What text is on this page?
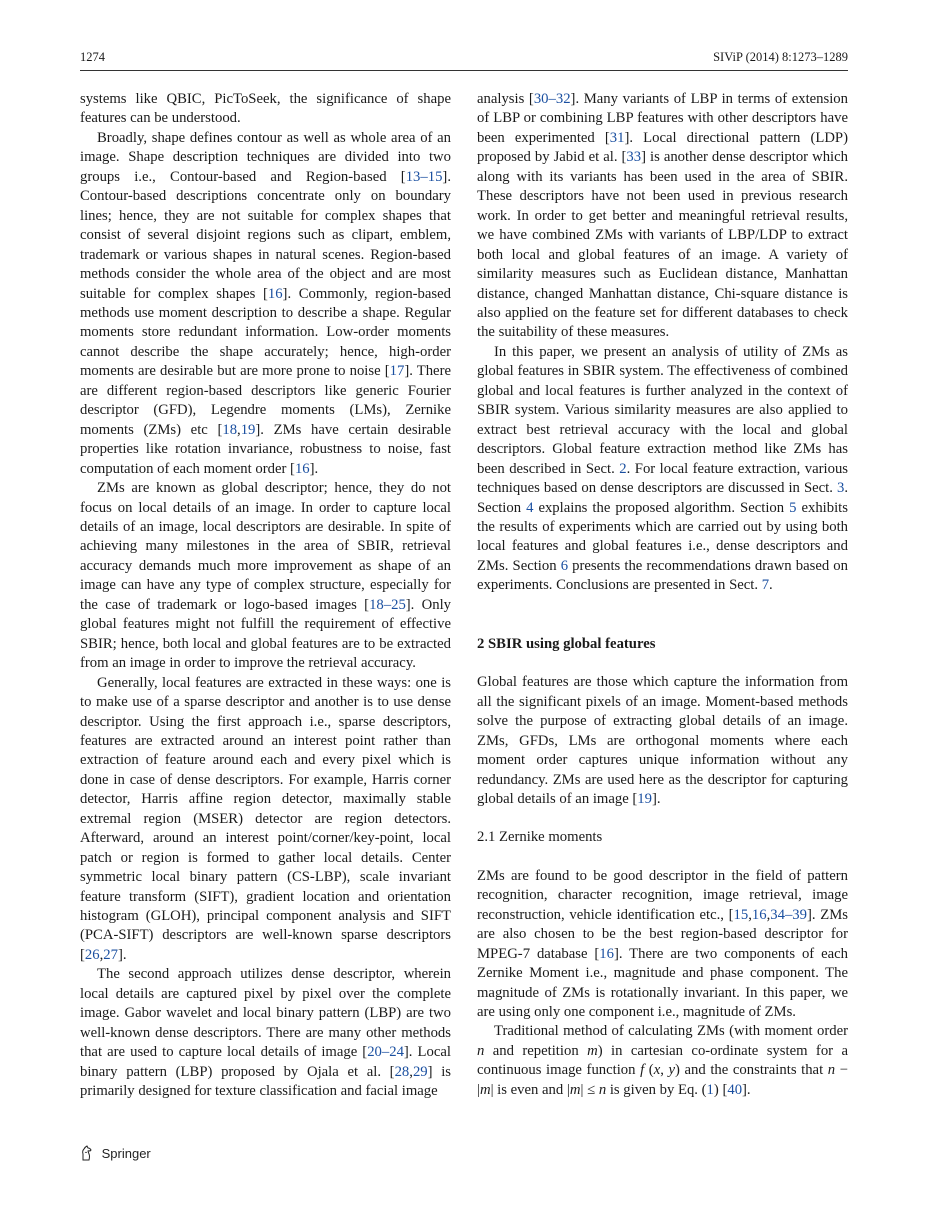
1274	SIViP (2014) 8:1273–1289

systems like QBIC, PicToSeek, the significance of shape features can be understood.

Broadly, shape defines contour as well as whole area of an image. Shape description techniques are divided into two groups i.e., Contour-based and Region-based [13–15]. Contour-based descriptions concentrate only on boundary lines; hence, they are not suitable for complex shapes that consist of several disjoint regions such as clipart, emblem, trademark or various shapes in natural scenes. Region-based methods consider the whole area of the object and are most suitable for complex shapes [16]. Commonly, region-based methods use moment description to describe a shape. Regular moments store redundant information. Low-order moments cannot describe the shape accurately; hence, high-order moments are desirable but are more prone to noise [17]. There are different region-based descriptors like generic Fourier descriptor (GFD), Legendre moments (LMs), Zernike moments (ZMs) etc [18,19]. ZMs have certain desirable properties like rotation invariance, robustness to noise, fast computation of each moment order [16].

ZMs are known as global descriptor; hence, they do not focus on local details of an image. In order to capture local details of an image, local descriptors are desirable. In spite of achieving many milestones in the area of SBIR, retrieval accuracy demands much more improvement as shape of an image can have any type of complex structure, especially for the case of trademark or logo-based images [18–25]. Only global features might not fulfill the requirement of effective SBIR; hence, both local and global features are to be extracted from an image in order to improve the retrieval accuracy.

Generally, local features are extracted in these ways: one is to make use of a sparse descriptor and another is to use dense descriptor. Using the first approach i.e., sparse descriptors, features are extracted around an interest point rather than extraction of feature around each and every pixel which is done in case of dense descriptors. For example, Harris corner detector, Harris affine region detector, maximally stable extremal region (MSER) detector are region detectors. Afterward, around an interest point/corner/key-point, local patch or region is formed to gather local details. Center symmetric local binary pattern (CS-LBP), scale invariant feature transform (SIFT), gradient location and orientation histogram (GLOH), principal component analysis and SIFT (PCA-SIFT) descriptors are well-known sparse descriptors [26,27].

The second approach utilizes dense descriptor, wherein local details are captured pixel by pixel over the complete image. Gabor wavelet and local binary pattern (LBP) are two well-known dense descriptors. There are many other methods that are used to capture local details of image [20–24]. Local binary pattern (LBP) proposed by Ojala et al. [28,29] is primarily designed for texture classification and facial image

analysis [30–32]. Many variants of LBP in terms of extension of LBP or combining LBP features with other descriptors have been experimented [31]. Local directional pattern (LDP) proposed by Jabid et al. [33] is another dense descriptor which along with its variants has been used in the area of SBIR. These descriptors have not been used in previous research work. In order to get better and meaningful retrieval results, we have combined ZMs with variants of LBP/LDP to extract both local and global features of an image. A variety of similarity measures such as Euclidean distance, Manhattan distance, changed Manhattan distance, Chi-square distance is also applied on the feature set for different databases to check the suitability of these measures.

In this paper, we present an analysis of utility of ZMs as global features in SBIR system. The effectiveness of combined global and local features is further analyzed in the context of SBIR system. Various similarity measures are also applied to extract best retrieval accuracy with the local and global descriptors. Global feature extraction method like ZMs has been described in Sect. 2. For local feature extraction, various techniques based on dense descriptors are discussed in Sect. 3. Section 4 explains the proposed algorithm. Section 5 exhibits the results of experiments which are carried out by using both local features and global features i.e., dense descriptors and ZMs. Section 6 presents the recommendations drawn based on experiments. Conclusions are presented in Sect. 7.

2 SBIR using global features

Global features are those which capture the information from all the significant pixels of an image. Moment-based methods solve the purpose of extracting global details of an image. ZMs, GFDs, LMs are orthogonal moments where each moment order captures unique information without any redundancy. ZMs are used here as the descriptor for capturing global details of an image [19].

2.1 Zernike moments

ZMs are found to be good descriptor in the field of pattern recognition, character recognition, image retrieval, image reconstruction, vehicle identification etc., [15,16,34–39]. ZMs are also chosen to be the best region-based descriptor for MPEG-7 database [16]. There are two components of each Zernike Moment i.e., magnitude and phase component. The magnitude of ZMs is rotationally invariant. In this paper, we are using only one component i.e., magnitude of ZMs.

Traditional method of calculating ZMs (with moment order n and repetition m) in cartesian co-ordinate system for a continuous image function f (x, y) and the constraints that n − |m| is even and |m| ≤ n is given by Eq. (1) [40].

Springer
